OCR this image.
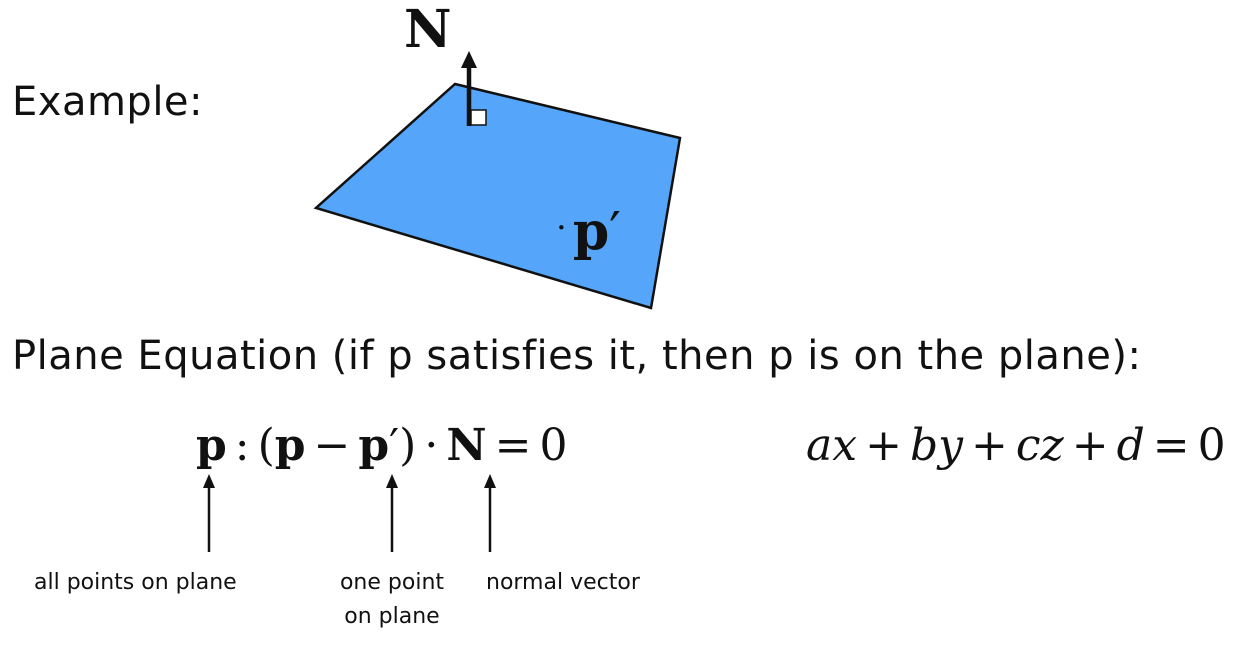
Example:
N
· p′
Plane Equation (if p satisfies it, then p is on the plane):
p : (p − p′) · N = 0	ax + by + cz + d = 0
all points on plane	one point
on plane
normal vector
